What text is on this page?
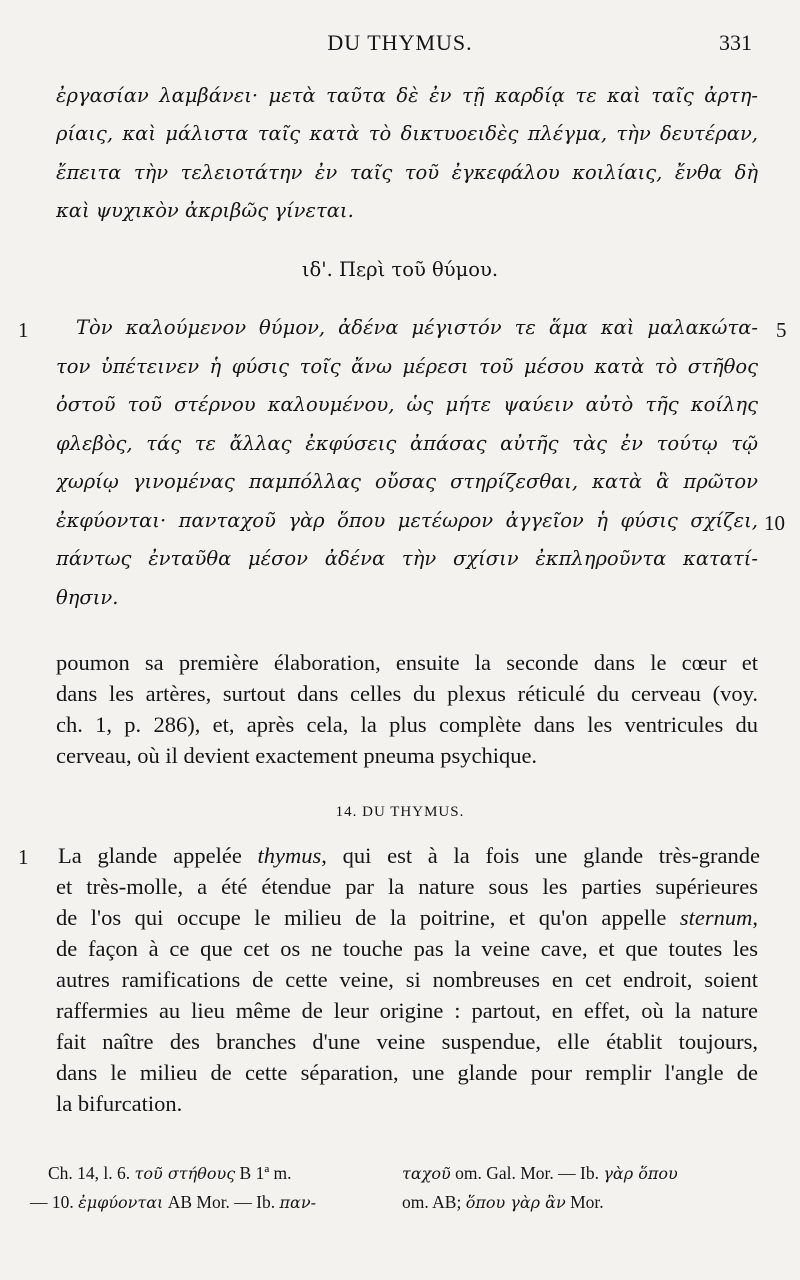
DU THYMUS.	331
ἐργασίαν λαμβάνει· μετὰ ταῦτα δὲ ἐν τῇ καρδίᾳ τε καὶ ταῖς ἀρτη-
ρίαις, καὶ μάλιστα ταῖς κατὰ τὸ δικτυοειδὲς πλέγμα, τὴν δευτέραν,
ἔπειτα τὴν τελειοτάτην ἐν ταῖς τοῦ ἐγκεφάλου κοιλίαις, ἔνθα δὴ
καὶ ψυχικὸν ἀκριβῶς γίνεται.
ιδ'. Περὶ τοῦ θύμου.
1	5
10
Τὸν καλούμενον θύμον, ἀδένα μέγιστόν τε ἅμα καὶ μαλακώτα-
τον ὑπέτεινεν ἡ φύσις τοῖς ἄνω μέρεσι τοῦ μέσου κατὰ τὸ στῆθος
ὀστοῦ τοῦ στέρνου καλουμένου, ὡς μήτε ψαύειν αὐτὸ τῆς κοίλης
φλεβὸς, τάς τε ἄλλας ἐκφύσεις ἀπάσας αὐτῆς τὰς ἐν τούτῳ τῷ
χωρίῳ γινομένας παμπόλλας οὔσας στηρίζεσθαι, κατὰ ἃ πρῶτον
ἐκφύονται· πανταχοῦ γὰρ ὅπου μετέωρον ἀγγεῖον ἡ φύσις σχίζει,
πάντως ἐνταῦθα μέσον ἀδένα τὴν σχίσιν ἐκπληροῦντα κατατί-
θησιν.
poumon sa première élaboration, ensuite la seconde dans le cœur et
dans les artères, surtout dans celles du plexus réticulé du cerveau (voy.
ch. 1, p. 286), et, après cela, la plus complète dans les ventricules du
cerveau, où il devient exactement pneuma psychique.
14. DU THYMUS.
1 La glande appelée thymus, qui est à la fois une glande très-grande
et très-molle, a été étendue par la nature sous les parties supérieures
de l'os qui occupe le milieu de la poitrine, et qu'on appelle sternum,
de façon à ce que cet os ne touche pas la veine cave, et que toutes les
autres ramifications de cette veine, si nombreuses en cet endroit, soient
raffermies au lieu même de leur origine : partout, en effet, où la nature
fait naître des branches d'une veine suspendue, elle établit toujours,
dans le milieu de cette séparation, une glande pour remplir l'angle de
la bifurcation.
Ch. 14, l. 6. τοῦ στήθους B 1ª m.
— 10. ἐμφύονται AB Mor. — Ib. παν-
ταχοῦ om. Gal. Mor. — Ib. γὰρ ὅπου
om. AB; ὅπου γὰρ ἂν Mor.
